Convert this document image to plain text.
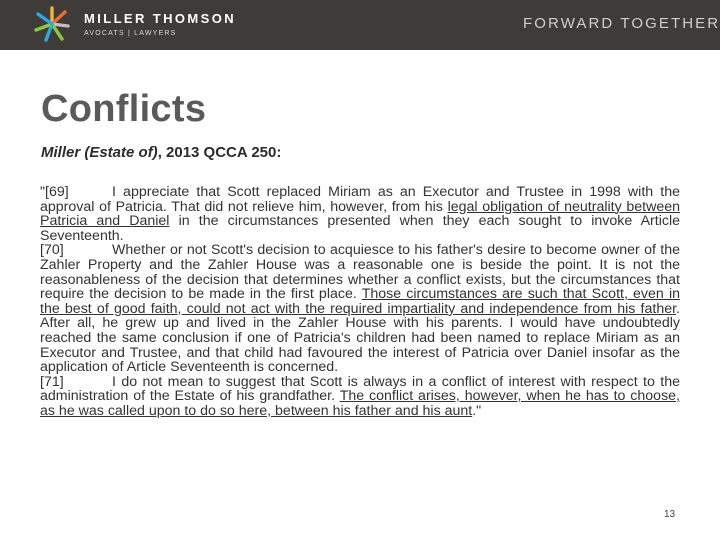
MILLER THOMSON
AVOCATS | LAWYERS
FORWARD TOGETHER
Conflicts

Miller (Estate of), 2013 QCCA 250:

"[69]	I appreciate that Scott replaced Miriam as an Executor and Trustee in 1998 with the approval of Patricia. That did not relieve him, however, from his legal obligation of neutrality between Patricia and Daniel in the circumstances presented when they each sought to invoke Article Seventeenth.

[70]	Whether or not Scott's decision to acquiesce to his father's desire to become owner of the Zahler Property and the Zahler House was a reasonable one is beside the point. It is not the reasonableness of the decision that determines whether a conflict exists, but the circumstances that require the decision to be made in the first place. Those circumstances are such that Scott, even in the best of good faith, could not act with the required impartiality and independence from his father. After all, he grew up and lived in the Zahler House with his parents. I would have undoubtedly reached the same conclusion if one of Patricia's children had been named to replace Miriam as an Executor and Trustee, and that child had favoured the interest of Patricia over Daniel insofar as the application of Article Seventeenth is concerned.

[71]	I do not mean to suggest that Scott is always in a conflict of interest with respect to the administration of the Estate of his grandfather. The conflict arises, however, when he has to choose, as he was called upon to do so here, between his father and his aunt."

13
